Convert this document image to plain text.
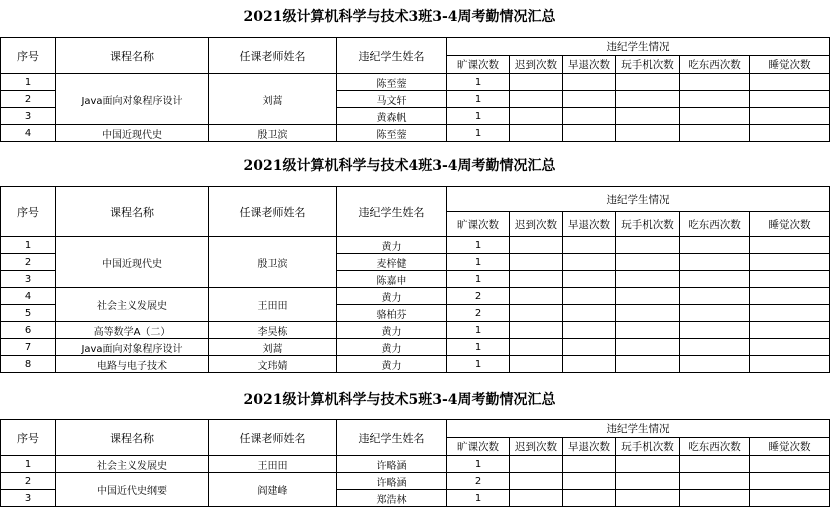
2021级计算机科学与技术3班3-4周考勤情况汇总
序号	课程名称	任课老师姓名	违纪学生姓名	违纪学生情况					
				旷课次数	迟到次数	早退次数	玩手机次数	吃东西次数	睡觉次数
1	Java面向对象程序设计	刘蒿	陈至蓥	1					
2			马文轩	1					
3			黄森帆	1					
4	中国近现代史	殷卫滨	陈至蓥	1					
2021级计算机科学与技术4班3-4周考勤情况汇总
序号	课程名称	任课老师姓名	违纪学生姓名	违纪学生情况					
				旷课次数	迟到次数	早退次数	玩手机次数	吃东西次数	睡觉次数
1	中国近现代史	殷卫滨	黄力	1					
2			麦梓健	1					
3			陈嘉申	1					
4	社会主义发展史	王田田	黄力	2					
5			骆柏芬	2					
6	高等数学A（二）	李昊栋	黄力	1					
7	Java面向对象程序设计	刘蒿	黄力	1					
8	电路与电子技术	文玮婧	黄力	1					
2021级计算机科学与技术5班3-4周考勤情况汇总
序号	课程名称	任课老师姓名	违纪学生姓名	违纪学生情况					
				旷课次数	迟到次数	早退次数	玩手机次数	吃东西次数	睡觉次数
1	社会主义发展史	王田田	许略涵	1					
2	中国近代史纲要	阎建峰	许略涵	2					
3			郑浩林	1					
